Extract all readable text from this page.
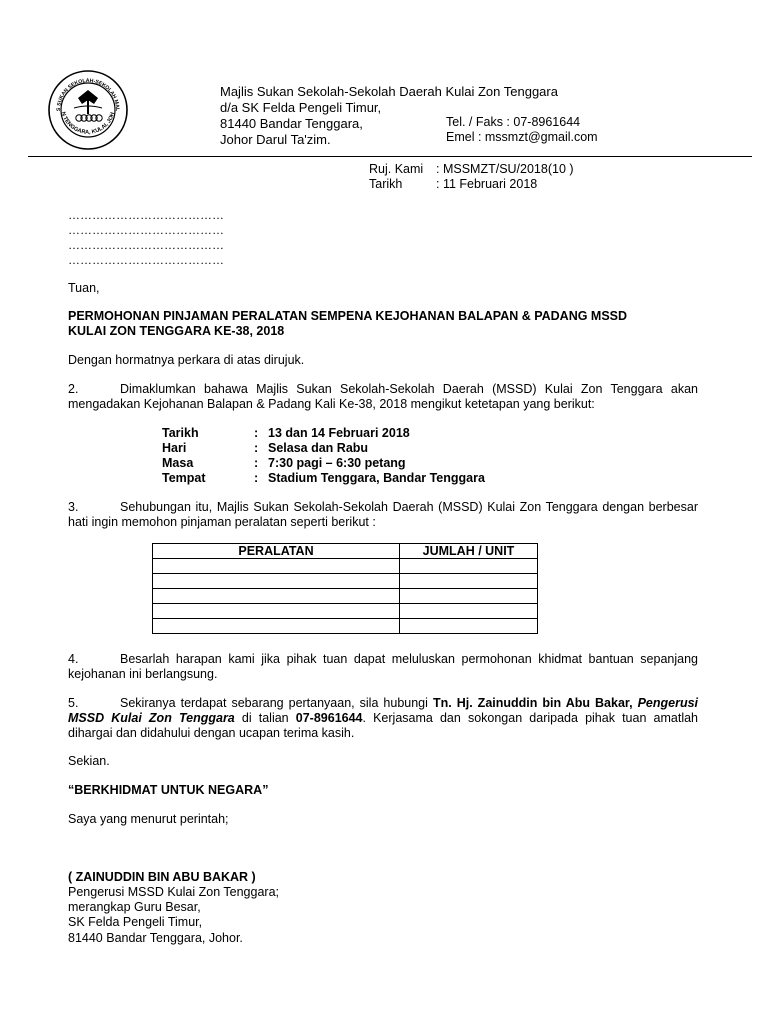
S SUKAN SEKOLAH-SEKOLAH MAL
N TENGGARA, KULAI, JOH
Majlis Sukan Sekolah-Sekolah Daerah Kulai Zon Tenggara
d/a SK Felda Pengeli Timur,
81440 Bandar Tenggara,
Johor Darul Ta'zim.
Tel. / Faks : 07-8961644
Emel : mssmzt@gmail.com
Ruj. Kami : MSSMZT/SU/2018(10 )
Tarikh	: 11 Februari 2018
…………………………………
…………………………………
…………………………………
…………………………………
Tuan,
PERMOHONAN PINJAMAN PERALATAN SEMPENA KEJOHANAN BALAPAN & PADANG MSSD
KULAI ZON TENGGARA KE-38, 2018
Dengan hormatnya perkara di atas dirujuk.
2.	Dimaklumkan bahawa Majlis Sukan Sekolah-Sekolah Daerah (MSSD) Kulai Zon Tenggara akan mengadakan Kejohanan Balapan & Padang Kali Ke-38, 2018 mengikut ketetapan yang berikut:
Tarikh	:	13 dan 14 Februari 2018
Hari	:	Selasa dan Rabu
Masa	:	7:30 pagi – 6:30 petang
Tempat	:	Stadium Tenggara, Bandar Tenggara
3.	Sehubungan itu, Majlis Sukan Sekolah-Sekolah Daerah (MSSD) Kulai Zon Tenggara dengan berbesar hati ingin memohon pinjaman peralatan seperti berikut :
PERALATAN	JUMLAH / UNIT

4.	Besarlah harapan kami jika pihak tuan dapat meluluskan permohonan khidmat bantuan sepanjang kejohanan ini berlangsung.
5.	Sekiranya terdapat sebarang pertanyaan, sila hubungi Tn. Hj. Zainuddin bin Abu Bakar, Pengerusi MSSD Kulai Zon Tenggara di talian 07-8961644. Kerjasama dan sokongan daripada pihak tuan amatlah dihargai dan didahului dengan ucapan terima kasih.
Sekian.
“BERKHIDMAT UNTUK NEGARA”
Saya yang menurut perintah;
( ZAINUDDIN BIN ABU BAKAR )
Pengerusi MSSD Kulai Zon Tenggara;
merangkap Guru Besar,
SK Felda Pengeli Timur,
81440 Bandar Tenggara, Johor.
